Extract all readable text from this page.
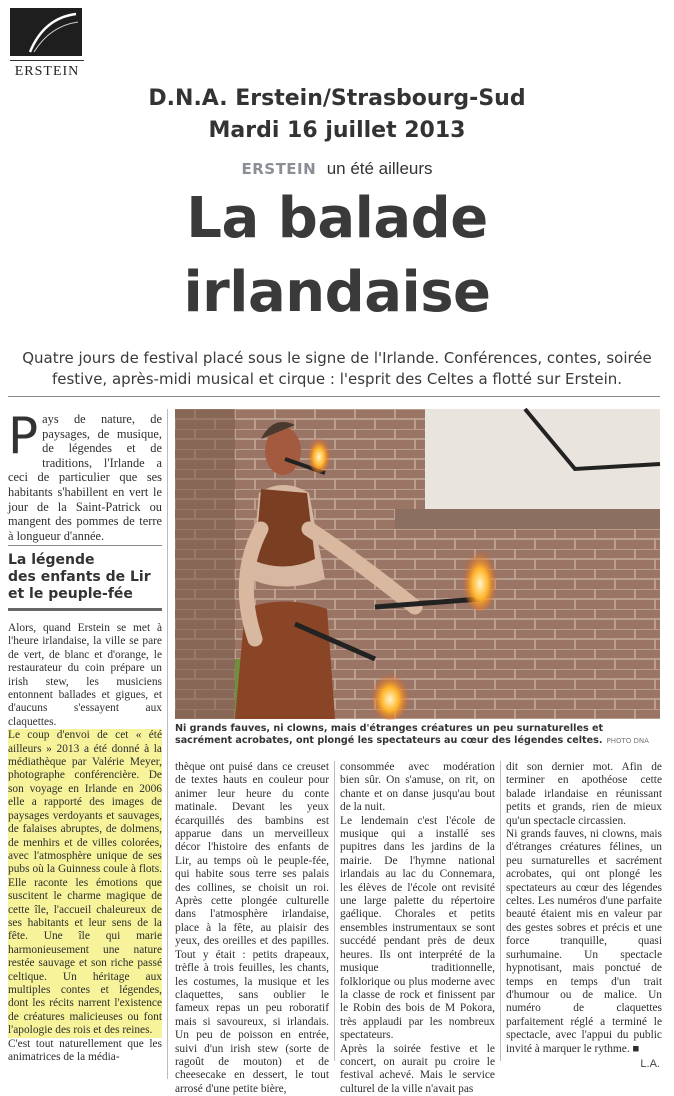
ERSTEIN
D.N.A. Erstein/Strasbourg-Sud
Mardi 16 juillet 2013
ERSTEIN un été ailleurs
La balade
irlandaise
Quatre jours de festival placé sous le signe de l'Irlande. Conférences, contes, soirée
festive, après-midi musical et cirque : l'esprit des Celtes a flotté sur Erstein.
Pays de nature, de paysages, de musique, de légendes et de traditions, l'Irlande a ceci de particulier que ses habitants s'habillent en vert le jour de la Saint-Patrick ou mangent des pommes de terre à longueur d'année.
La légende
des enfants de Lir
et le peuple-fée

Alors, quand Erstein se met à l'heure irlandaise, la ville se pare de vert, de blanc et d'orange, le restaurateur du coin prépare un irish stew, les musiciens entonnent ballades et gigues, et d'aucuns s'essayent aux claquettes.

Le coup d'envoi de cet « été ailleurs » 2013 a été donné à la médiathèque par Valérie Meyer, photographe conférencière. De son voyage en Irlande en 2006 elle a rapporté des images de paysages verdoyants et sauvages, de falaises abruptes, de dolmens, de menhirs et de villes colorées, avec l'atmosphère unique de ses pubs où la Guinness coule à flots. Elle raconte les émotions que suscitent le charme magique de cette île, l'accueil chaleureux de ses habitants et leur sens de la fête. Une île qui marie harmonieusement une nature restée sauvage et son riche passé celtique. Un héritage aux multiples contes et légendes, dont les récits narrent l'existence de créatures malicieuses ou font l'apologie des rois et des reines.

C'est tout naturellement que les animatrices de la média-

Ni grands fauves, ni clowns, mais d'étranges créatures un peu surnaturelles et sacrément acrobates, ont plongé les spectateurs au cœur des légendes celtes. PHOTO DNA

thèque ont puisé dans ce creuset de textes hauts en couleur pour animer leur heure du conte matinale. Devant les yeux écarquillés des bambins est apparue dans un merveilleux décor l'histoire des enfants de Lir, au temps où le peuple-fée, qui habite sous terre ses palais des collines, se choisit un roi. Après cette plongée culturelle dans l'atmosphère irlandaise, place à la fête, au plaisir des yeux, des oreilles et des papilles. Tout y était : petits drapeaux, trèfle à trois feuilles, les chants, les costumes, la musique et les claquettes, sans oublier le fameux repas un peu roboratif mais si savoureux, si irlandais. Un peu de poisson en entrée, suivi d'un irish stew (sorte de ragoût de mouton) et de cheesecake en dessert, le tout arrosé d'une petite bière,

consommée avec modération bien sûr. On s'amuse, on rit, on chante et on danse jusqu'au bout de la nuit.

Le lendemain c'est l'école de musique qui a installé ses pupitres dans les jardins de la mairie. De l'hymne national irlandais au lac du Connemara, les élèves de l'école ont revisité une large palette du répertoire gaélique. Chorales et petits ensembles instrumentaux se sont succédé pendant près de deux heures. Ils ont interprété de la musique traditionnelle, folklorique ou plus moderne avec la classe de rock et finissent par le Robin des bois de M Pokora, très applaudi par les nombreux spectateurs.

Après la soirée festive et le concert, on aurait pu croire le festival achevé. Mais le service culturel de la ville n'avait pas

dit son dernier mot. Afin de terminer en apothéose cette balade irlandaise en réunissant petits et grands, rien de mieux qu'un spectacle circassien.

Ni grands fauves, ni clowns, mais d'étranges créatures félines, un peu surnaturelles et sacrément acrobates, qui ont plongé les spectateurs au cœur des légendes celtes. Les numéros d'une parfaite beauté étaient mis en valeur par des gestes sobres et précis et une force tranquille, quasi surhumaine. Un spectacle hypnotisant, mais ponctué de temps en temps d'un trait d'humour ou de malice. Un numéro de claquettes parfaitement réglé a terminé le spectacle, avec l'appui du public invité à marquer le rythme. ■

L.A.
